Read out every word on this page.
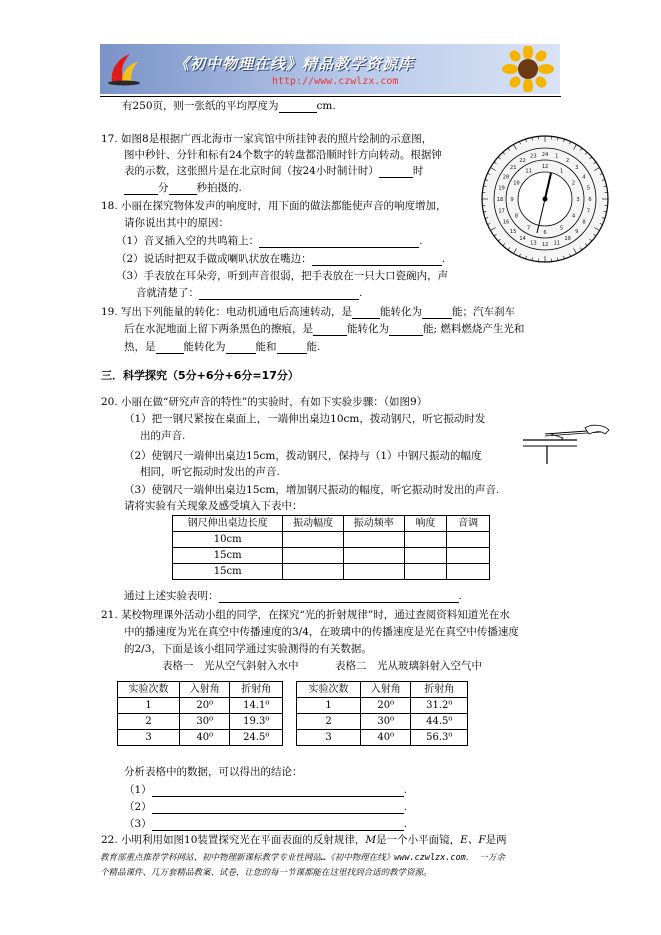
《初中物理在线》精品教学资源库
http://www.czwlzx.com
有250页，则一张纸的平均厚度为	cm.
17. 如图8是根据广西北海市一家宾馆中所挂钟表的照片绘制的示意图，
图中秒针、分针和标有24个数字的转盘都沿顺时针方向转动。根据钟
表的示数，这张照片是在北京时间（按24小时制计时）	时
分	秒拍摄的.
1
2
3
4
5
6
7
8
9
10
11
12
13
14
15
16
17
18
19
20
21
22
23 24
1
2
3
4
5
6
7
8
9
10
11
12
18. 小丽在探究物体发声的响度时，用下面的做法都能使声音的响度增加，
请你说出其中的原因：
（1）音叉插入空的共鸣箱上：	.
（2）说话时把双手做成喇叭状放在嘴边：	.
（3）手表放在耳朵旁，听到声音很弱，把手表放在一只大口瓷碗内，声
音就清楚了：	.
19. 写出下列能量的转化：电动机通电后高速转动，是	能转化为	能；汽车刹车
后在水泥地面上留下两条黑色的擦痕，是	能转化为	能; 燃料燃烧产生光和
热，是	能转化为	能和	能.
三．科学探究（5分+6分+6分=17分）
20. 小丽在做“研究声音的特性”的实验时，有如下实验步骤：（如图9）
（1）把一钢尺紧按在桌面上，一端伸出桌边10cm，拨动钢尺，听它振动时发
出的声音.
（2）使钢尺一端伸出桌边15cm，拨动钢尺，保持与（1）中钢尺振动的幅度
相同，听它振动时发出的声音.
（3）使钢尺一端伸出桌边15cm，增加钢尺振动的幅度，听它振动时发出的声音.
请将实验有关现象及感受填入下表中：
钢尺伸出桌边长度	振动幅度	振动频率	响度	音调
10cm				
15cm				
15cm				
通过上述实验表明：	.
21. 某校物理课外活动小组的同学，在探究“光的折射规律”时，通过查阅资料知道光在水
中的播速度为光在真空中传播速度的3/4，在玻璃中的传播速度是光在真空中传播速度
的2/3，下面是该小组同学通过实验测得的有关数据。
表格一　光从空气斜射入水中	表格二　光从玻璃斜射入空气中
实验次数	入射角	折射角
1	20⁰	14.1⁰
2	30⁰	19.3⁰
3	40⁰	24.5⁰
实验次数	入射角	折射角
1	20⁰	31.2⁰
2	30⁰	44.5⁰
3	40⁰	56.3⁰
分析表格中的数据，可以得出的结论：
（1）	.
（2）	.
（3）	.
22. 小明利用如图10装置探究光在平面表面的反射规律，M是一个小平面镜，E、F是两
教育部重点推荐学科网站、初中物理新课标教学专业性网站…《初中物理在线》www.czwlzx.com． 一万余
个精品课件、几万套精品教案、试卷，让您的每一节课都能在这里找到合适的教学资源。
